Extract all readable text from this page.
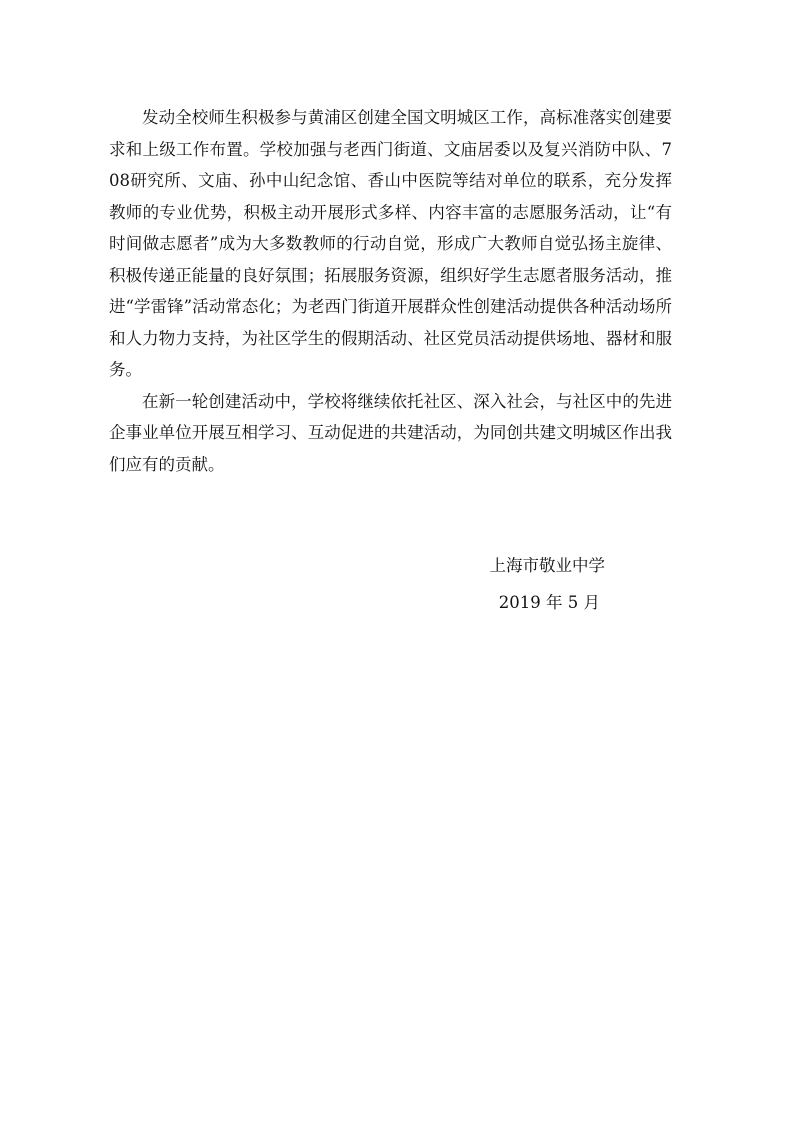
发动全校师生积极参与黄浦区创建全国文明城区工作，高标准落实创建要求和上级工作布置。学校加强与老西门街道、文庙居委以及复兴消防中队、708研究所、文庙、孙中山纪念馆、香山中医院等结对单位的联系，充分发挥教师的专业优势，积极主动开展形式多样、内容丰富的志愿服务活动，让“有时间做志愿者”成为大多数教师的行动自觉，形成广大教师自觉弘扬主旋律、积极传递正能量的良好氛围；拓展服务资源，组织好学生志愿者服务活动，推进“学雷锋”活动常态化；为老西门街道开展群众性创建活动提供各种活动场所和人力物力支持，为社区学生的假期活动、社区党员活动提供场地、器材和服务。

在新一轮创建活动中，学校将继续依托社区、深入社会，与社区中的先进企事业单位开展互相学习、互动促进的共建活动，为同创共建文明城区作出我们应有的贡献。

上海市敬业中学
2019 年 5 月
